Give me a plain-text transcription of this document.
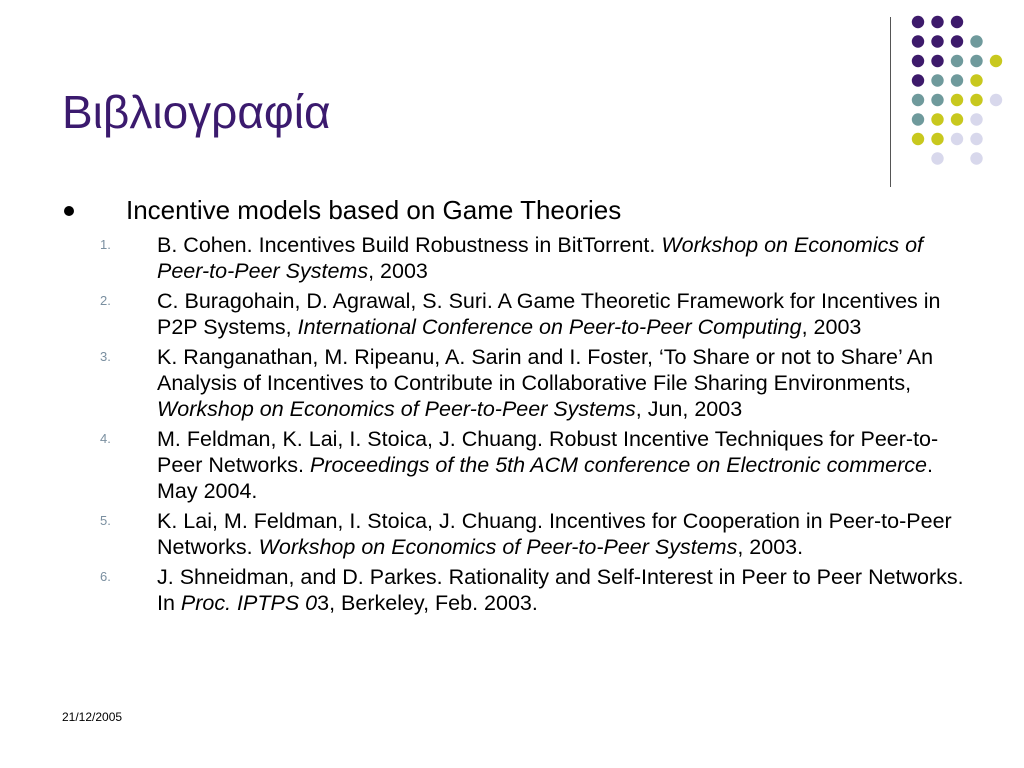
Βιβλιογραφία
Incentive models based on Game Theories
1. B. Cohen. Incentives Build Robustness in BitTorrent. Workshop on Economics of Peer-to-Peer Systems, 2003
2. C. Buragohain, D. Agrawal, S. Suri. A Game Theoretic Framework for Incentives in P2P Systems, International Conference on Peer-to-Peer Computing, 2003
3. K. Ranganathan, M. Ripeanu, A. Sarin and I. Foster, ‘To Share or not to Share’ An Analysis of Incentives to Contribute in Collaborative File Sharing Environments, Workshop on Economics of Peer-to-Peer Systems, Jun, 2003
4. M. Feldman, K. Lai, I. Stoica, J. Chuang. Robust Incentive Techniques for Peer-to-Peer Networks. Proceedings of the 5th ACM conference on Electronic commerce. May 2004.
5. K. Lai, M. Feldman, I. Stoica, J. Chuang. Incentives for Cooperation in Peer-to-Peer Networks. Workshop on Economics of Peer-to-Peer Systems, 2003.
6. J. Shneidman, and D. Parkes. Rationality and Self-Interest in Peer to Peer Networks. In Proc. IPTPS 03, Berkeley, Feb. 2003.
21/12/2005
